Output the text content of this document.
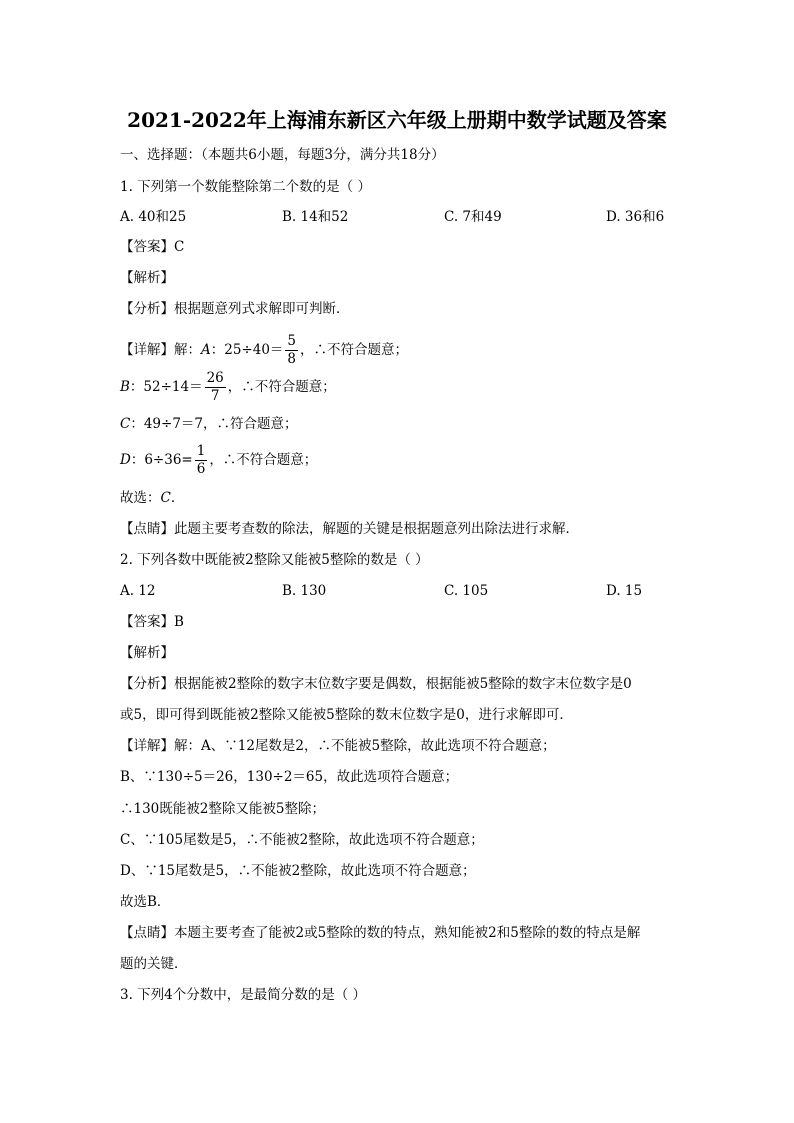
2021-2022年上海浦东新区六年级上册期中数学试题及答案
一、选择题：（本题共6小题，每题3分，满分共18分）
1. 下列第一个数能整除第二个数的是（ ）
A. 40和25	B. 14和52	C. 7和49	D. 36和6
【答案】C
【解析】
【分析】根据题意列式求解即可判断．
【详解】解：A：$25\div 40= \frac{5}{8}$ ，∴不符合题意；
B：$52\div 14= \frac{26}{7}$ ，∴不符合题意；
C：49÷7＝7，∴符合题意；
D：$6\div 36= \frac{1}{6}$ ，∴不符合题意；
故选：C．
【点睛】此题主要考查数的除法，解题的关键是根据题意列出除法进行求解．
2. 下列各数中既能被2整除又能被5整除的数是（ ）
A. 12	B. 130	C. 105	D. 15
【答案】B
【解析】
【分析】根据能被2整除的数字末位数字要是偶数，根据能被5整除的数字末位数字是0
或5，即可得到既能被2整除又能被5整除的数末位数字是0，进行求解即可．
【详解】解：A、∵12尾数是2，∴不能被5整除，故此选项不符合题意；
B、∵130÷5＝26，130÷2＝65，故此选项符合题意；
∴130既能被2整除又能被5整除；
C、∵105尾数是5，∴不能被2整除，故此选项不符合题意；
D、∵15尾数是5，∴不能被2整除，故此选项不符合题意；
故选B．
【点睛】本题主要考查了能被2或5整除的数的特点，熟知能被2和5整除的数的特点是解
题的关键．
3. 下列4个分数中，是最简分数的是（ ）
